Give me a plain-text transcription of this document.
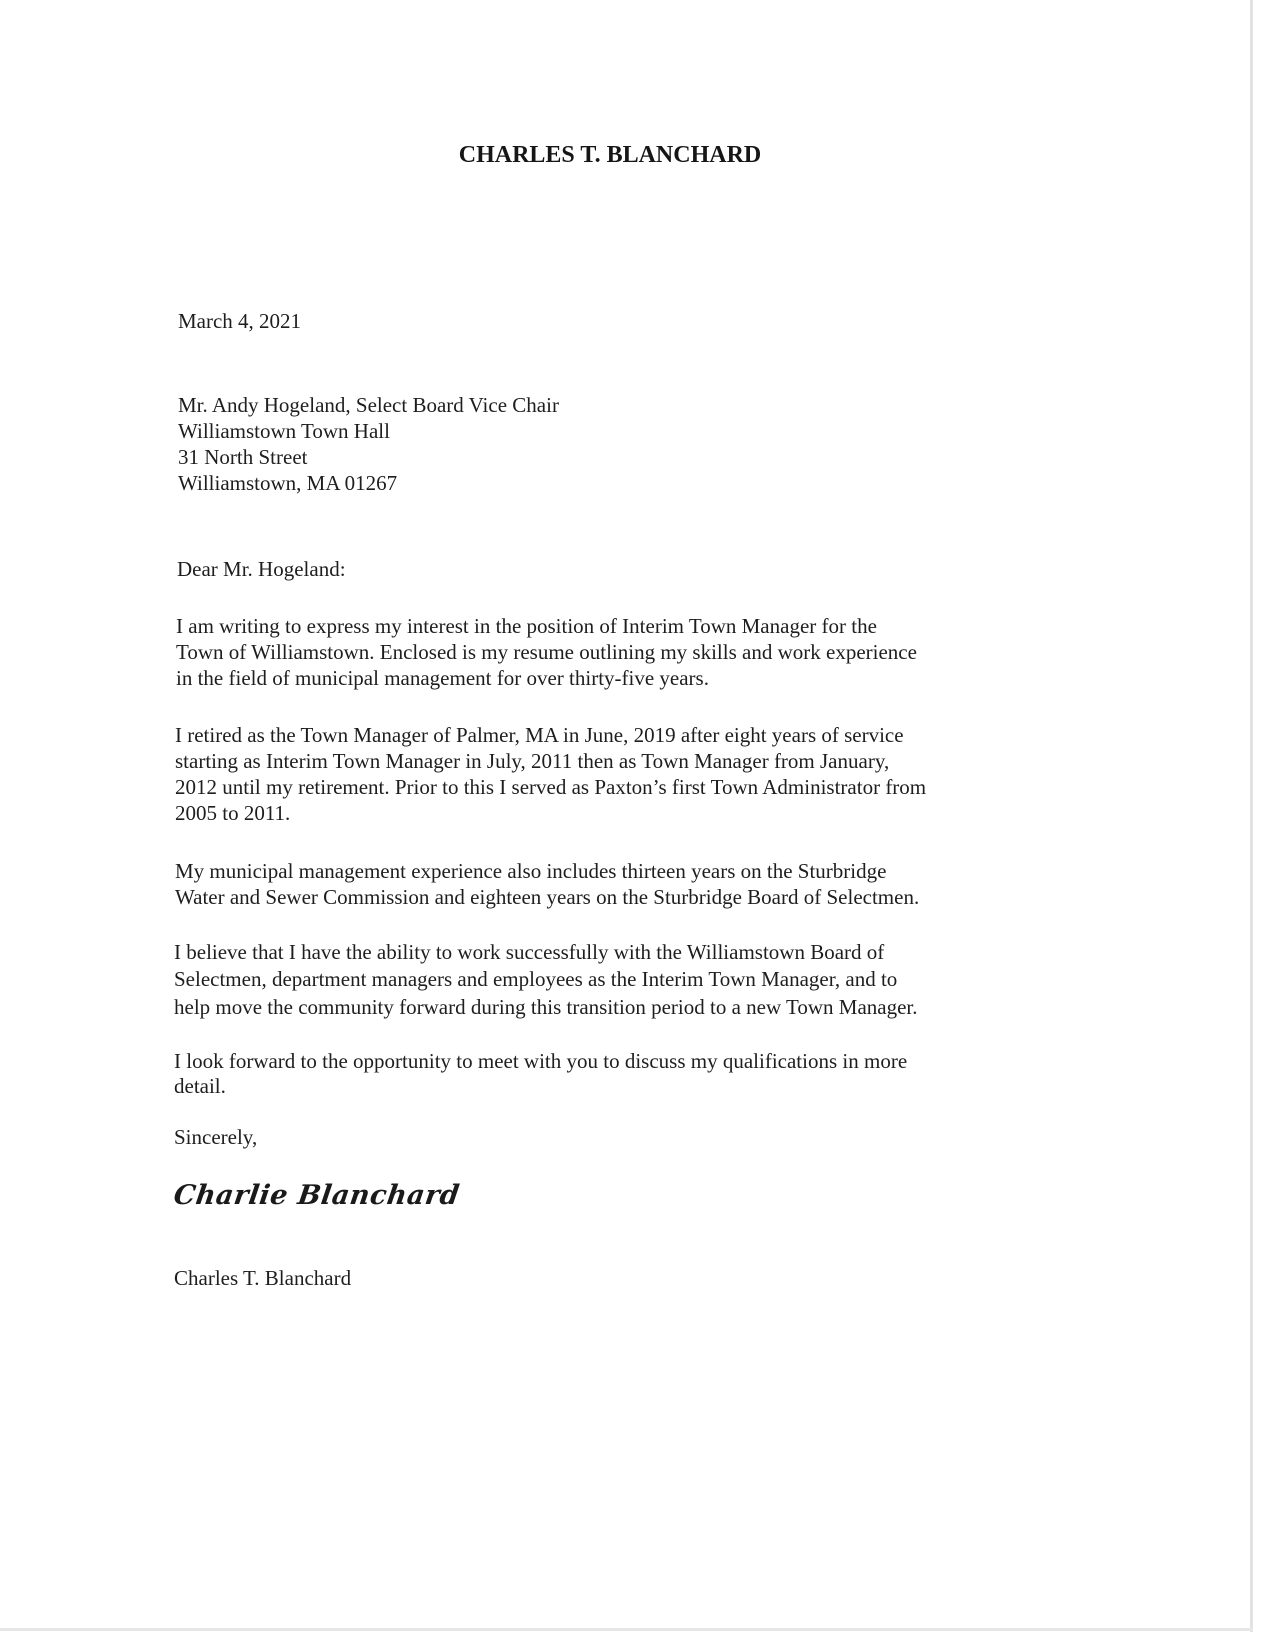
CHARLES T. BLANCHARD
March 4, 2021
Mr. Andy Hogeland, Select Board Vice Chair
Williamstown Town Hall
31 North Street
Williamstown, MA 01267
Dear Mr. Hogeland:
I am writing to express my interest in the position of Interim Town Manager for the
Town of Williamstown. Enclosed is my resume outlining my skills and work experience
in the field of municipal management for over thirty-five years.
I retired as the Town Manager of Palmer, MA in June, 2019 after eight years of service
starting as Interim Town Manager in July, 2011 then as Town Manager from January,
2012 until my retirement. Prior to this I served as Paxton’s first Town Administrator from
2005 to 2011.
My municipal management experience also includes thirteen years on the Sturbridge
Water and Sewer Commission and eighteen years on the Sturbridge Board of Selectmen.
I believe that I have the ability to work successfully with the Williamstown Board of
Selectmen, department managers and employees as the Interim Town Manager, and to
help move the community forward during this transition period to a new Town Manager.
I look forward to the opportunity to meet with you to discuss my qualifications in more
detail.
Sincerely,
Charlie Blanchard
Charles T. Blanchard
